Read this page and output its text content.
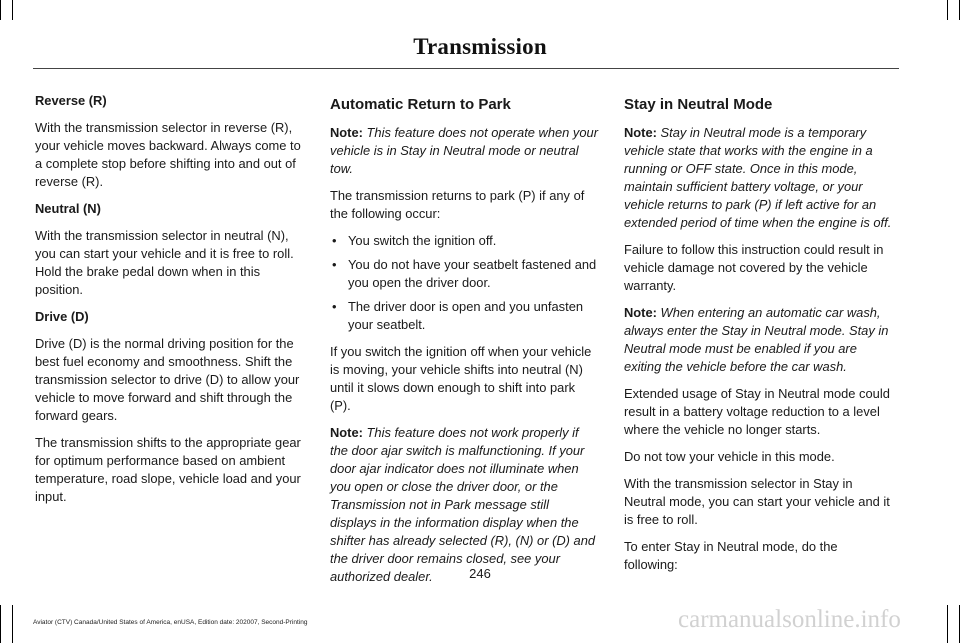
Transmission

Reverse (R)

With the transmission selector in reverse (R), your vehicle moves backward. Always come to a complete stop before shifting into and out of reverse (R).

Neutral (N)

With the transmission selector in neutral (N), you can start your vehicle and it is free to roll. Hold the brake pedal down when in this position.

Drive (D)

Drive (D) is the normal driving position for the best fuel economy and smoothness. Shift the transmission selector to drive (D) to allow your vehicle to move forward and shift through the forward gears.

The transmission shifts to the appropriate gear for optimum performance based on ambient temperature, road slope, vehicle load and your input.

Automatic Return to Park

Note: This feature does not operate when your vehicle is in Stay in Neutral mode or neutral tow.

The transmission returns to park (P) if any of the following occur:

• You switch the ignition off.
• You do not have your seatbelt fastened and you open the driver door.
• The driver door is open and you unfasten your seatbelt.

If you switch the ignition off when your vehicle is moving, your vehicle shifts into neutral (N) until it slows down enough to shift into park (P).

Note: This feature does not work properly if the door ajar switch is malfunctioning. If your door ajar indicator does not illuminate when you open or close the driver door, or the Transmission not in Park message still displays in the information display when the shifter has already selected (R), (N) or (D) and the driver door remains closed, see your authorized dealer.

Stay in Neutral Mode

Note: Stay in Neutral mode is a temporary vehicle state that works with the engine in a running or OFF state. Once in this mode, maintain sufficient battery voltage, or your vehicle returns to park (P) if left active for an extended period of time when the engine is off.

Failure to follow this instruction could result in vehicle damage not covered by the vehicle warranty.

Note: When entering an automatic car wash, always enter the Stay in Neutral mode. Stay in Neutral mode must be enabled if you are exiting the vehicle before the car wash.

Extended usage of Stay in Neutral mode could result in a battery voltage reduction to a level where the vehicle no longer starts.

Do not tow your vehicle in this mode.

With the transmission selector in Stay in Neutral mode, you can start your vehicle and it is free to roll.

To enter Stay in Neutral mode, do the following:

246
Aviator (CTV) Canada/United States of America, enUSA, Edition date: 202007, Second-Printing	carmanualsonline.info
